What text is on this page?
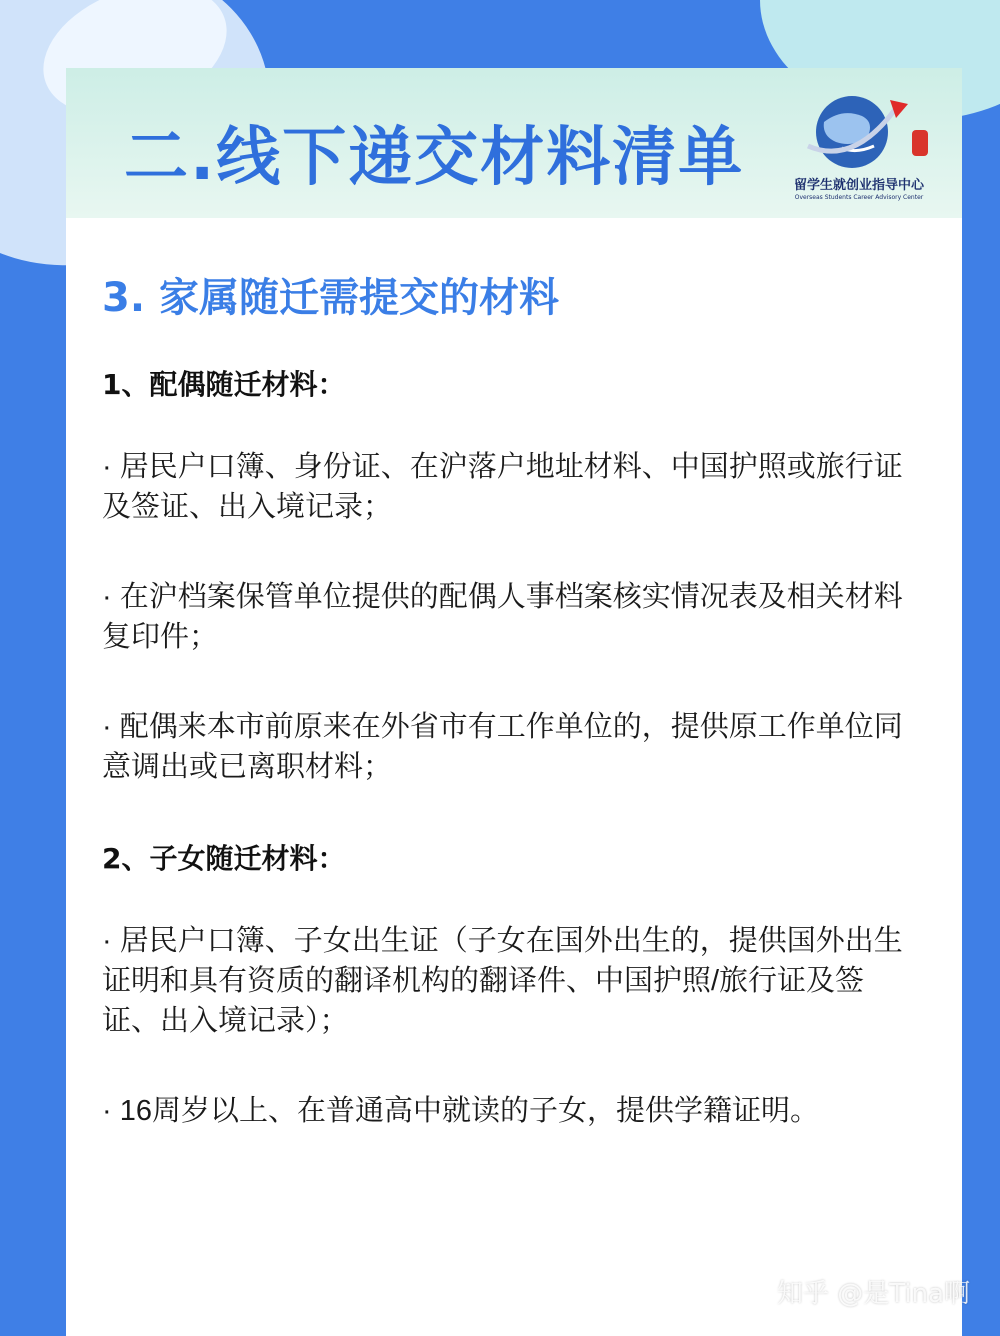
二.线下递交材料清单	留学生就创业指导中心
Overseas Students Career Advisory Center
3. 家属随迁需提交的材料
1、配偶随迁材料：
· 居民户口簿、身份证、在沪落户地址材料、中国护照或旅行证及签证、出入境记录；
· 在沪档案保管单位提供的配偶人事档案核实情况表及相关材料复印件；
· 配偶来本市前原来在外省市有工作单位的，提供原工作单位同意调出或已离职材料；
2、子女随迁材料：
· 居民户口簿、子女出生证（子女在国外出生的，提供国外出生证明和具有资质的翻译机构的翻译件、中国护照/旅行证及签证、出入境记录）；
· 16周岁以上、在普通高中就读的子女，提供学籍证明。
知乎 @是Tina啊
